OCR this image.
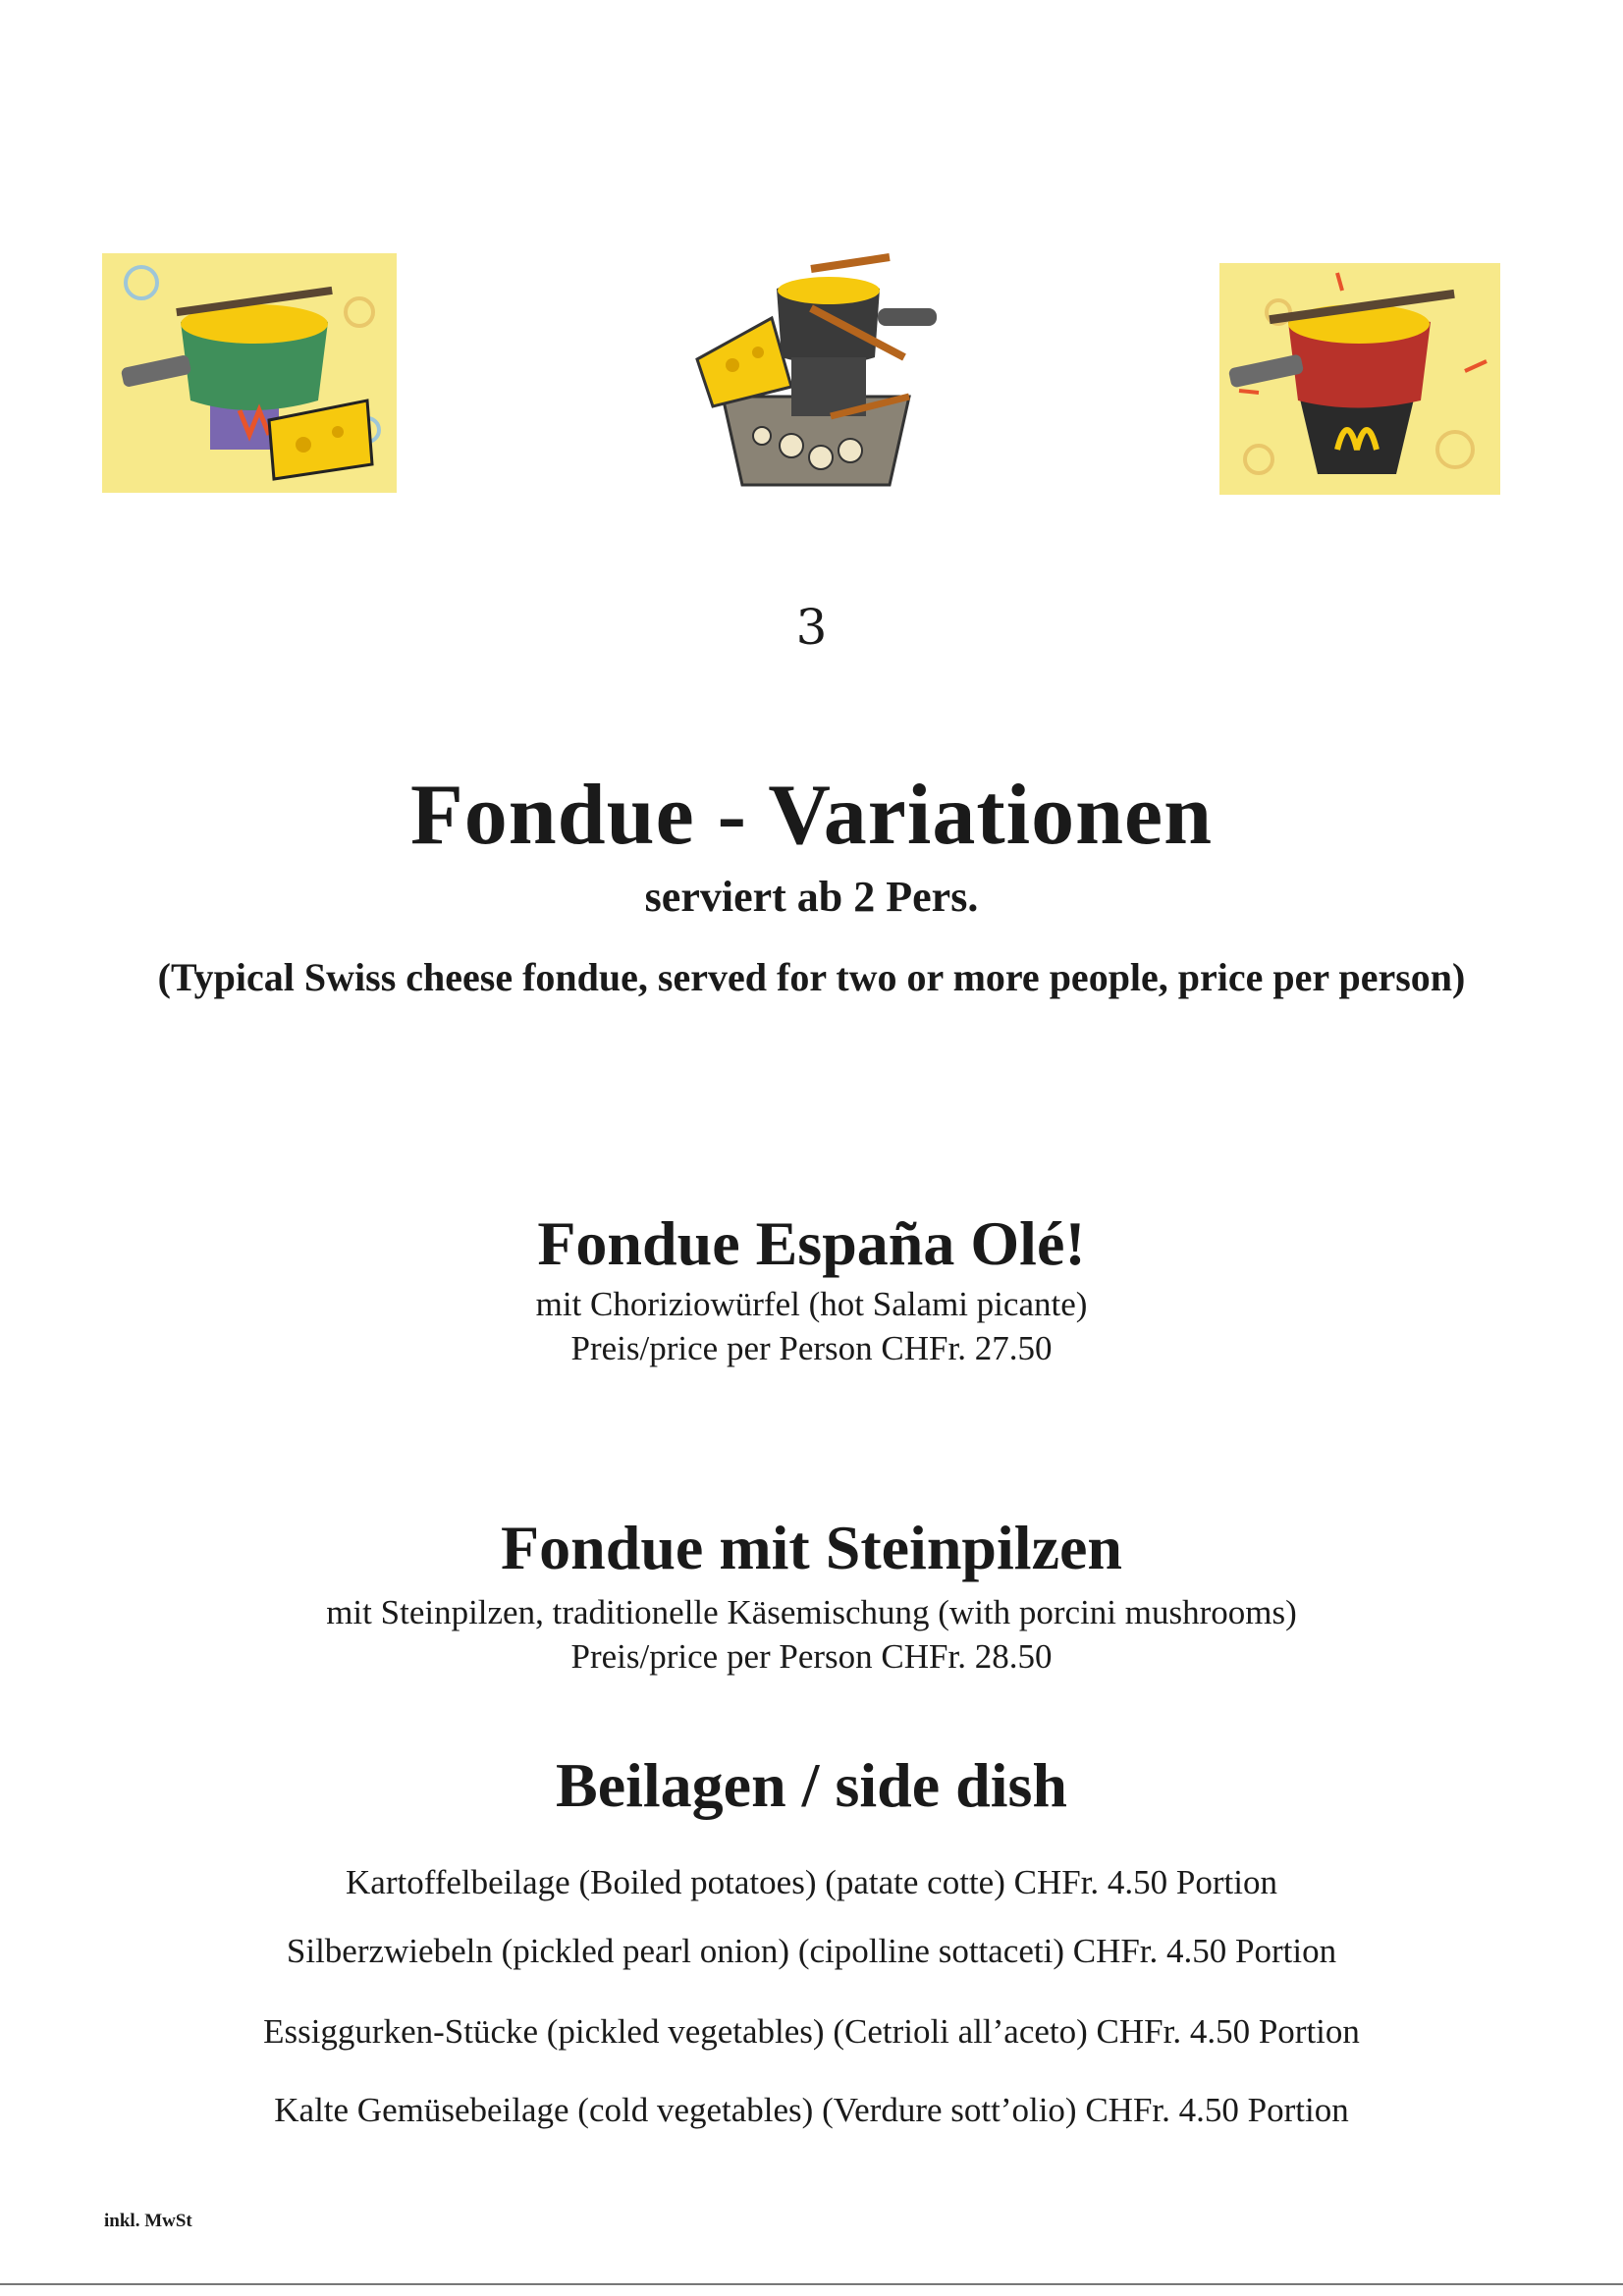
3
Fondue - Variationen
serviert ab 2 Pers.
(Typical Swiss cheese fondue, served for two or more people, price per person)
Fondue España Olé!
mit Choriziowürfel (hot Salami picante)
Preis/price per Person CHFr. 27.50
Fondue mit Steinpilzen
mit Steinpilzen, traditionelle Käsemischung (with porcini mushrooms)
Preis/price per Person CHFr. 28.50
Beilagen / side dish
Kartoffelbeilage (Boiled potatoes) (patate cotte) CHFr. 4.50 Portion
Silberzwiebeln (pickled pearl onion) (cipolline sottaceti) CHFr. 4.50 Portion
Essiggurken-Stücke (pickled vegetables) (Cetrioli all’aceto) CHFr. 4.50 Portion
Kalte Gemüsebeilage (cold vegetables) (Verdure sott’olio) CHFr. 4.50 Portion
inkl. MwSt
